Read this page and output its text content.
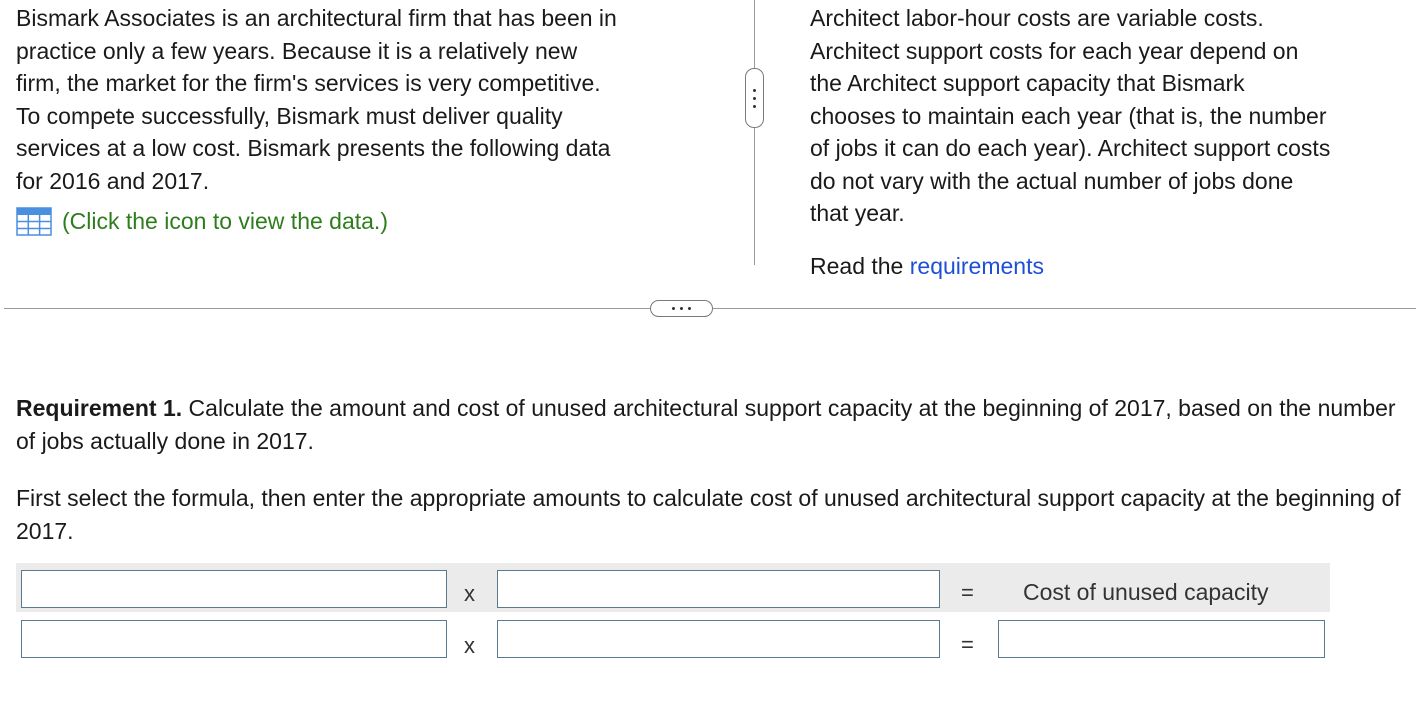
Bismark Associates is an architectural firm that has been in
practice only a few years. Because it is a relatively new
firm, the market for the firm's services is very competitive.
To compete successfully, Bismark must deliver quality
services at a low cost. Bismark presents the following data
for 2016 and 2017.
(Click the icon to view the data.)
Architect labor-hour costs are variable costs.
Architect support costs for each year depend on
the Architect support capacity that Bismark
chooses to maintain each year (that is, the number
of jobs it can do each year). Architect support costs
do not vary with the actual number of jobs done
that year.
Read the requirements
Requirement 1. Calculate the amount and cost of unused architectural support capacity at the beginning of 2017, based on the number of jobs actually done in 2017.
First select the formula, then enter the appropriate amounts to calculate cost of unused architectural support capacity at the beginning of 2017.
x	= Cost of unused capacity
x	=
